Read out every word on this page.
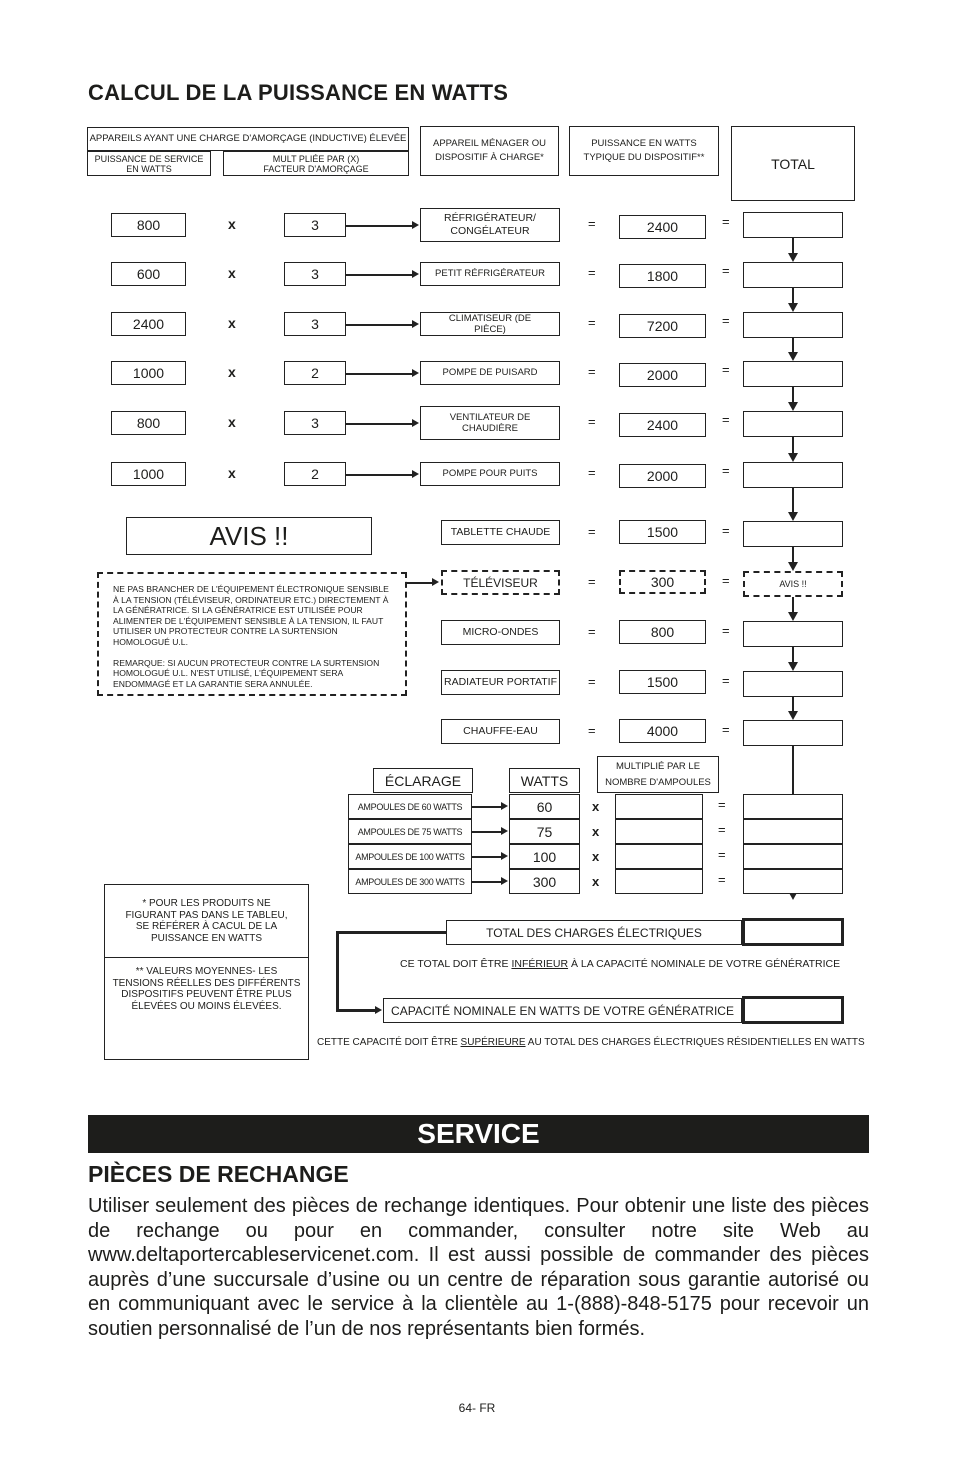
CALCUL DE LA PUISSANCE EN WATTS
APPAREILS AYANT UNE CHARGE D'AMORÇAGE (INDUCTIVE) ÉLEVÉE
PUISSANCE DE SERVICE EN WATTS
MULT PLIÉE PAR (X) FACTEUR D'AMORÇAGE
APPAREIL MÉNAGER OU DISPOSITIF À CHARGE*
PUISSANCE EN WATTS TYPIQUE DU DISPOSITIF**	TOTAL
800	x	3	RÉFRIGÉRATEUR/ CONGÉLATEUR	=	2400	=
600	x	3	PETIT RÉFRIGÉRATEUR	=	1800	=
2400	x	3	CLIMATISEUR (DE PIÈCE)	=	7200	=
1000	x	2	POMPE DE PUISARD	=	2000	=
800	x	3	VENTILATEUR DE CHAUDIÈRE	=	2400	=
1000	x	2	POMPE POUR PUITS	=	2000	=
TABLETTE CHAUDE	=	1500	=
TÉLÉVISEUR	=	300	=
MICRO-ONDES	=	800	=
RADIATEUR PORTATIF =	1500	=
CHAUFFE-EAU	=	4000	=
ÉCLARAGE	WATTS
MULTIPLIÉ PAR LE NOMBRE D'AMPOULES
AMPOULES DE 60 WATTS	60	x	=
AMPOULES DE 75 WATTS	75	x	=
AMPOULES DE 100 WATTS	100	x	=
AMPOULES DE 300 WATTS	300	x	=
AVIS !!
AVIS !!
NE PAS BRANCHER DE L'ÉQUIPEMENT ÉLECTRONIQUE SENSIBLE À LA TENSION (TÉLÉVISEUR, ORDINATEUR ETC.) DIRECTEMENT À LA GÉNÉRATRICE. SI LA GÉNÉRATRICE EST UTILISÉE POUR ALIMENTER DE L'ÉQUIPEMENT SENSIBLE À LA TENSION, IL FAUT UTILISER UN PROTECTEUR CONTRE LA SURTENSION HOMOLOGUÉ U.L.
REMARQUE: SI AUCUN PROTECTEUR CONTRE LA SURTENSION HOMOLOGUÉ U.L. N'EST UTILISÉ, L'ÉQUIPEMENT SERA ENDOMMAGÉ ET LA GARANTIE SERA ANNULÉE.
* POUR LES PRODUITS NE FIGURANT PAS DANS LE TABLEU, SE RÉFÉRER À CACUL DE LA PUISSANCE EN WATTS
** VALEURS MOYENNES- LES TENSIONS RÉELLES DES DIFFÉRENTS DISPOSITIFS PEUVENT ÊTRE PLUS ÉLEVÉES OU MOINS ÉLEVÉES.
TOTAL DES CHARGES ÉLECTRIQUES
CE TOTAL DOIT ÊTRE INFÉRIEUR À LA CAPACITÉ NOMINALE DE VOTRE GÉNÉRATRICE
CAPACITÉ NOMINALE EN WATTS DE VOTRE GÉNÉRATRICE
CETTE CAPACITÉ DOIT ÊTRE SUPÉRIEURE AU TOTAL DES CHARGES ÉLECTRIQUES RÉSIDENTIELLES EN WATTS
SERVICE
PIÈCES DE RECHANGE
Utiliser seulement des pièces de rechange identiques. Pour obtenir une liste des pièces de rechange ou pour en commander, consulter notre site Web au www.deltaportercableservicenet.com. Il est aussi possible de commander des pièces auprès d’une succursale d’usine ou un centre de réparation sous garantie autorisé ou en communiquant avec le service à la clientèle au 1-(888)-848-5175 pour recevoir un soutien personnalisé de l’un de nos représentants bien formés.
64- FR
